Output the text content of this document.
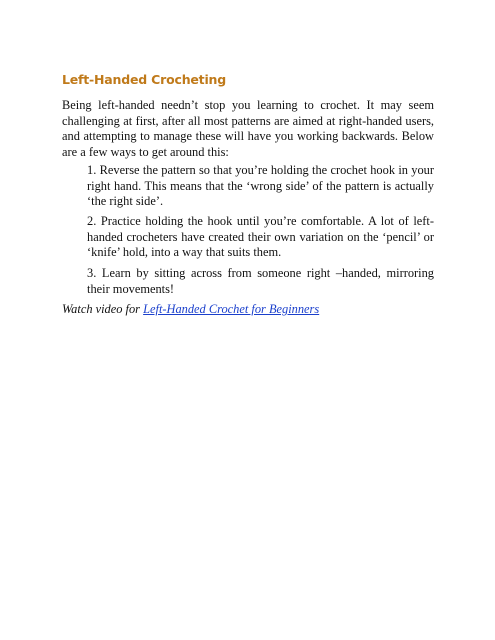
Left-Handed Crocheting

Being left-handed needn’t stop you learning to crochet. It may seem challenging at first, after all most patterns are aimed at right-handed users, and attempting to manage these will have you working backwards. Below are a few ways to get around this:

1. Reverse the pattern so that you’re holding the crochet hook in your right hand. This means that the ‘wrong side’ of the pattern is actually ‘the right side’.

2. Practice holding the hook until you’re comfortable. A lot of left-handed crocheters have created their own variation on the ‘pencil’ or ‘knife’ hold, into a way that suits them.

3. Learn by sitting across from someone right –handed, mirroring their movements!

Watch video for Left-Handed Crochet for Beginners
